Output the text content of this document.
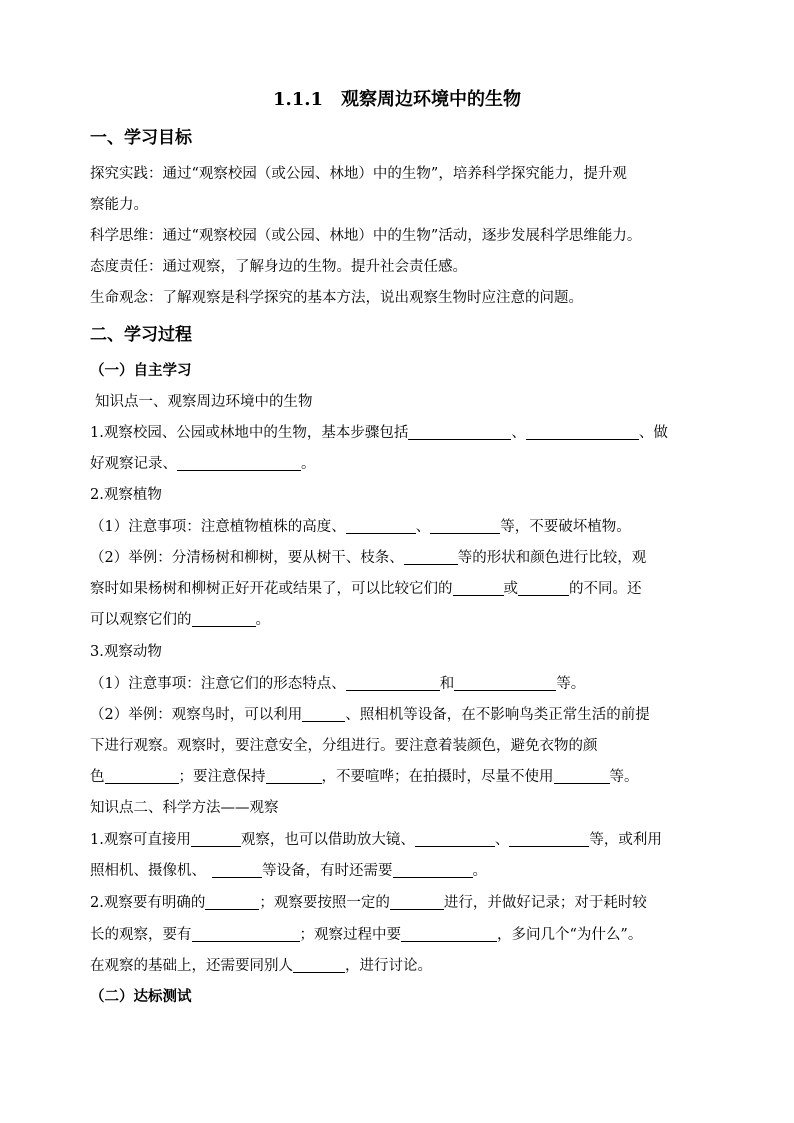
1.1.1　观察周边环境中的生物
一、学习目标
探究实践：通过“观察校园（或公园、林地）中的生物”，培养科学探究能力，提升观
察能力。
科学思维：通过“观察校园（或公园、林地）中的生物”活动，逐步发展科学思维能力。
态度责任：通过观察，了解身边的生物。提升社会责任感。
生命观念：了解观察是科学探究的基本方法，说出观察生物时应注意的问题。
二、学习过程
（一）自主学习
知识点一、观察周边环境中的生物
1.观察校园、公园或林地中的生物，基本步骤包括	、	、做
好观察记录、	。
2.观察植物
（1）注意事项：注意植物植株的高度、	、	等，不要破坏植物。
（2）举例：分清杨树和柳树，要从树干、枝条、	等的形状和颜色进行比较，观
察时如果杨树和柳树正好开花或结果了，可以比较它们的	或	的不同。还
可以观察它们的	。
3.观察动物
（1）注意事项：注意它们的形态特点、	和	等。
（2）举例：观察鸟时，可以利用	、照相机等设备，在不影响鸟类正常生活的前提
下进行观察。观察时，要注意安全，分组进行。要注意着装颜色，避免衣物的颜
色	；要注意保持	，不要喧哗；在拍摄时，尽量不使用	等。
知识点二、科学方法——观察
1.观察可直接用	观察，也可以借助放大镜、	、	等，或利用
照相机、摄像机、	等设备，有时还需要	。
2.观察要有明确的	；观察要按照一定的	进行，并做好记录；对于耗时较
长的观察，要有	；观察过程中要	，多问几个“为什么”。
在观察的基础上，还需要同别人	，进行讨论。
（二）达标测试
